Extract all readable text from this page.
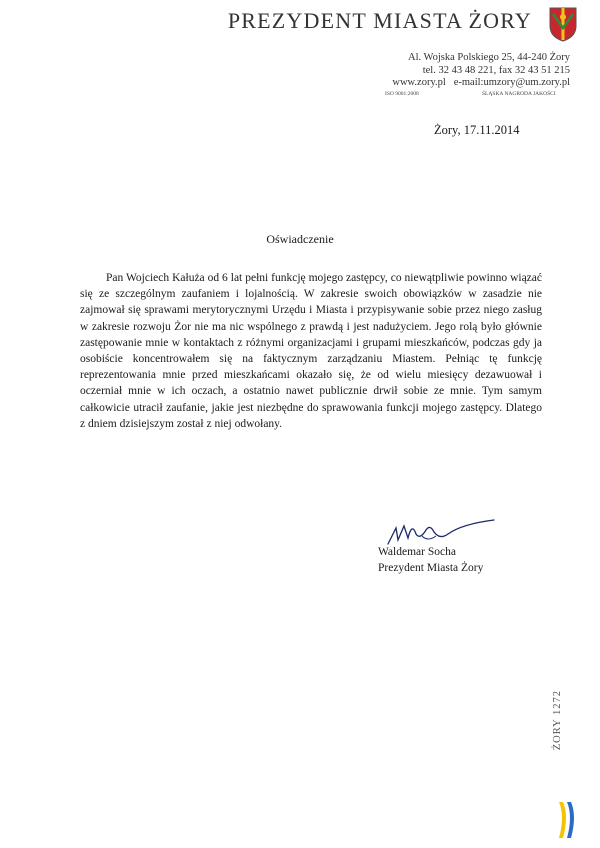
PREZYDENT MIASTA ŻORY
Al. Wojska Polskiego 25, 44-240 Żory
tel. 32 43 48 221, fax 32 43 51 215
www.zory.pl e-mail:umzory@um.zory.pl
ISO 9001:2008	ŚLĄSKA NAGRODA JAKOŚCI
Żory, 17.11.2014
Oświadczenie

Pan Wojciech Kałuża od 6 lat pełni funkcję mojego zastępcy, co niewątpliwie powinno wiązać się ze szczególnym zaufaniem i lojalnością. W zakresie swoich obowiązków w zasadzie nie zajmował się sprawami merytorycznymi Urzędu i Miasta i przypisywanie sobie przez niego zasług w zakresie rozwoju Żor nie ma nic wspólnego z prawdą i jest nadużyciem. Jego rolą było głównie zastępowanie mnie w kontaktach z różnymi organizacjami i grupami mieszkańców, podczas gdy ja osobiście koncentrowałem się na faktycznym zarządzaniu Miastem. Pełniąc tę funkcję reprezentowania mnie przed mieszkańcami okazało się, że od wielu miesięcy dezawuował i oczerniał mnie w ich oczach, a ostatnio nawet publicznie drwił sobie ze mnie. Tym samym całkowicie utracił zaufanie, jakie jest niezbędne do sprawowania funkcji mojego zastępcy. Dlatego z dniem dzisiejszym został z niej odwołany.

Waldemar Socha
Prezydent Miasta Żory
ŻORY 1272
